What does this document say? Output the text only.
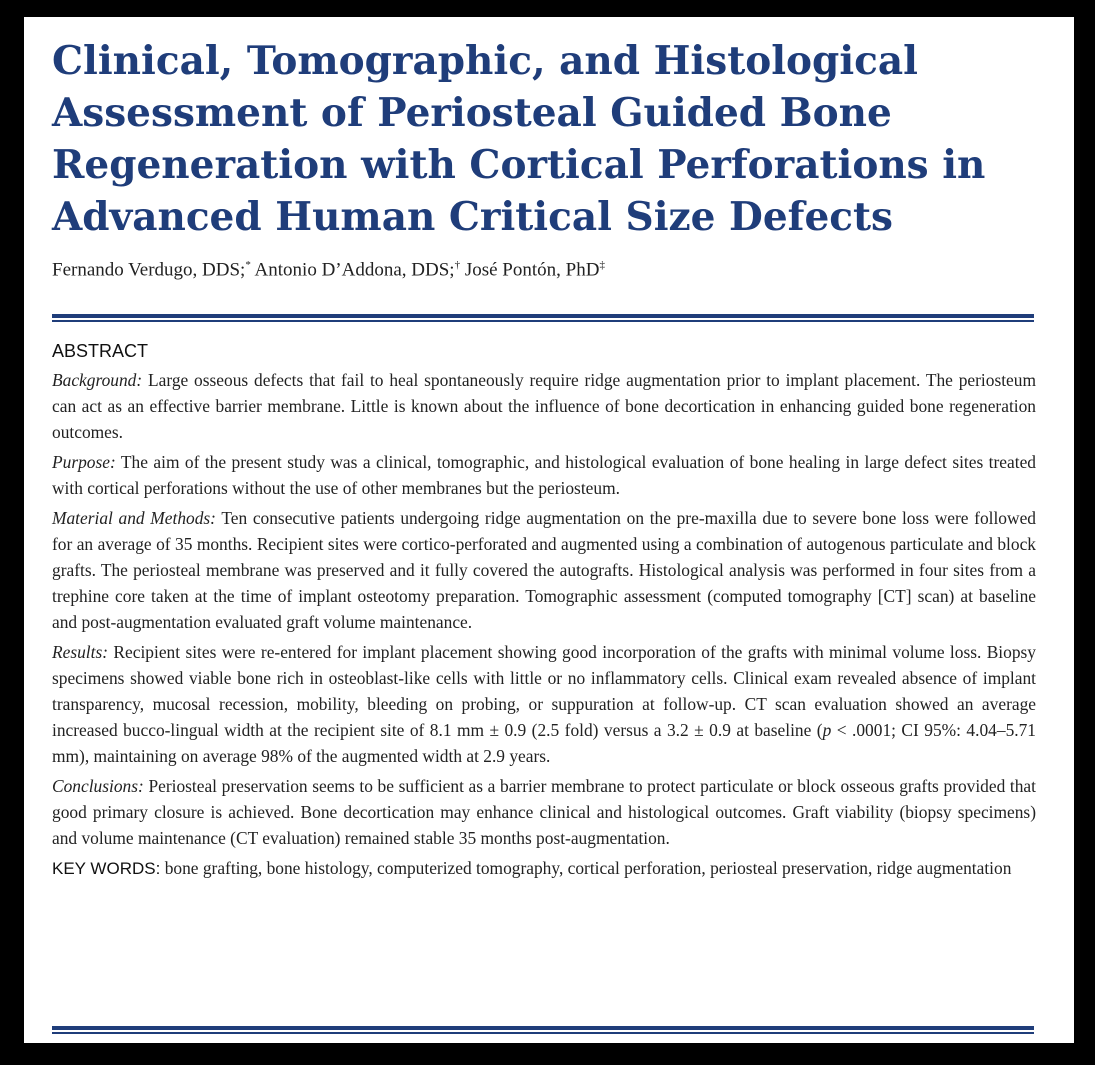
Clinical, Tomographic, and Histological Assessment of Periosteal Guided Bone Regeneration with Cortical Perforations in Advanced Human Critical Size Defects
Fernando Verdugo, DDS;* Antonio D’Addona, DDS;† José Pontón, PhD‡
ABSTRACT

Background: Large osseous defects that fail to heal spontaneously require ridge augmentation prior to implant placement. The periosteum can act as an effective barrier membrane. Little is known about the influence of bone decortication in enhancing guided bone regeneration outcomes.

Purpose: The aim of the present study was a clinical, tomographic, and histological evaluation of bone healing in large defect sites treated with cortical perforations without the use of other membranes but the periosteum.

Material and Methods: Ten consecutive patients undergoing ridge augmentation on the pre-maxilla due to severe bone loss were followed for an average of 35 months. Recipient sites were cortico-perforated and augmented using a combination of autogenous particulate and block grafts. The periosteal membrane was preserved and it fully covered the autografts. Histological analysis was performed in four sites from a trephine core taken at the time of implant osteotomy preparation. Tomographic assessment (computed tomography [CT] scan) at baseline and post-augmentation evaluated graft volume maintenance.

Results: Recipient sites were re-entered for implant placement showing good incorporation of the grafts with minimal volume loss. Biopsy specimens showed viable bone rich in osteoblast-like cells with little or no inflammatory cells. Clinical exam revealed absence of implant transparency, mucosal recession, mobility, bleeding on probing, or suppuration at follow-up. CT scan evaluation showed an average increased bucco-lingual width at the recipient site of 8.1 mm ± 0.9 (2.5 fold) versus a 3.2 ± 0.9 at baseline (p < .0001; CI 95%: 4.04–5.71 mm), maintaining on average 98% of the augmented width at 2.9 years.

Conclusions: Periosteal preservation seems to be sufficient as a barrier membrane to protect particulate or block osseous grafts provided that good primary closure is achieved. Bone decortication may enhance clinical and histological outcomes. Graft viability (biopsy specimens) and volume maintenance (CT evaluation) remained stable 35 months post-augmentation.

KEY WORDS: bone grafting, bone histology, computerized tomography, cortical perforation, periosteal preservation, ridge augmentation
